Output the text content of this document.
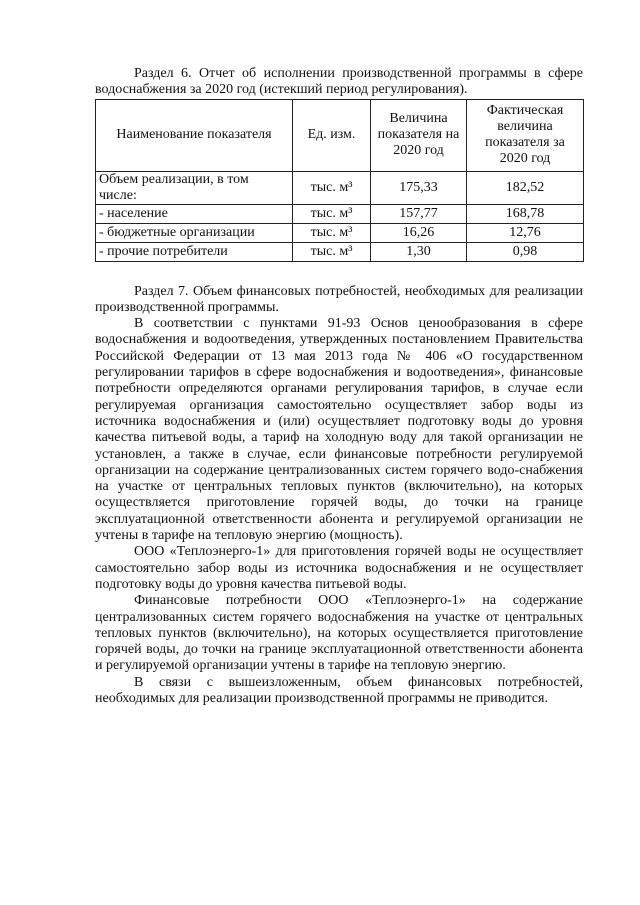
Раздел 6. Отчет об исполнении производственной программы в сфере водоснабжения за 2020 год (истекший период регулирования).

Наименование показателя	Ед. изм.	Величина показателя на 2020 год	Фактическая величина показателя за 2020 год
Объем реализации, в том числе:	тыс. м³	175,33	182,52
- население	тыс. м³	157,77	168,78
- бюджетные организации	тыс. м³	16,26	12,76
- прочие потребители	тыс. м³	1,30	0,98

Раздел 7. Объем финансовых потребностей, необходимых для реализации производственной программы.

В соответствии с пунктами 91-93 Основ ценообразования в сфере водоснабжения и водоотведения, утвержденных постановлением Правительства Российской Федерации от 13 мая 2013 года № 406 «О государственном регулировании тарифов в сфере водоснабжения и водоотведения», финансовые потребности определяются органами регулирования тарифов, в случае если регулируемая организация самостоятельно осуществляет забор воды из источника водоснабжения и (или) осуществляет подготовку воды до уровня качества питьевой воды, а тариф на холодную воду для такой организации не установлен, а также в случае, если финансовые потребности регулируемой организации на содержание централизованных систем горячего водо-снабжения на участке от центральных тепловых пунктов (включительно), на которых осуществляется приготовление горячей воды, до точки на границе эксплуатационной ответственности абонента и регулируемой организации не учтены в тарифе на тепловую энергию (мощность).

ООО «Теплоэнерго-1» для приготовления горячей воды не осуществляет самостоятельно забор воды из источника водоснабжения и не осуществляет подготовку воды до уровня качества питьевой воды.

Финансовые потребности ООО «Теплоэнерго-1» на содержание централизованных систем горячего водоснабжения на участке от центральных тепловых пунктов (включительно), на которых осуществляется приготовление горячей воды, до точки на границе эксплуатационной ответственности абонента и регулируемой организации учтены в тарифе на тепловую энергию.

В связи с вышеизложенным, объем финансовых потребностей, необходимых для реализации производственной программы не приводится.
